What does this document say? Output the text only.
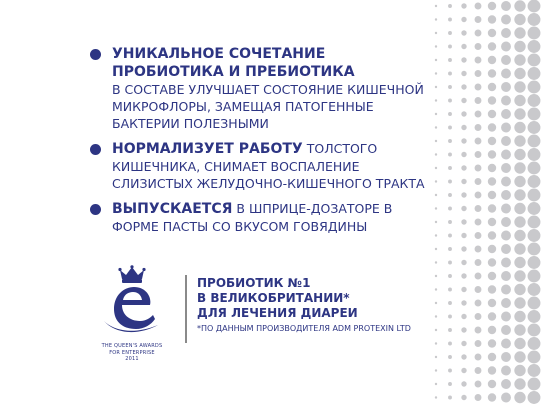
УНИКАЛЬНОЕ СОЧЕТАНИЕ
ПРОБИОТИКА И ПРЕБИОТИКА
В СОСТАВЕ УЛУЧШАЕТ СОСТОЯНИЕ КИШЕЧНОЙ МИКРОФЛОРЫ, ЗАМЕЩАЯ ПАТОГЕННЫЕ БАКТЕРИИ ПОЛЕЗНЫМИ
НОРМАЛИЗУЕТ РАБОТУ ТОЛСТОГО КИШЕЧНИКА, СНИМАЕТ ВОСПАЛЕНИЕ СЛИЗИСТЫХ ЖЕЛУДОЧНО-КИШЕЧНОГО ТРАКТА
ВЫПУСКАЕТСЯ В ШПРИЦЕ-ДОЗАТОРЕ В ФОРМЕ ПАСТЫ СО ВКУСОМ ГОВЯДИНЫ
THE QUEEN'S AWARDS
FOR ENTERPRISE
2011
ПРОБИОТИК №1
В ВЕЛИКОБРИТАНИИ*
ДЛЯ ЛЕЧЕНИЯ ДИАРЕИ
*ПО ДАННЫМ ПРОИЗВОДИТЕЛЯ ADM PROTEXIN LTD
